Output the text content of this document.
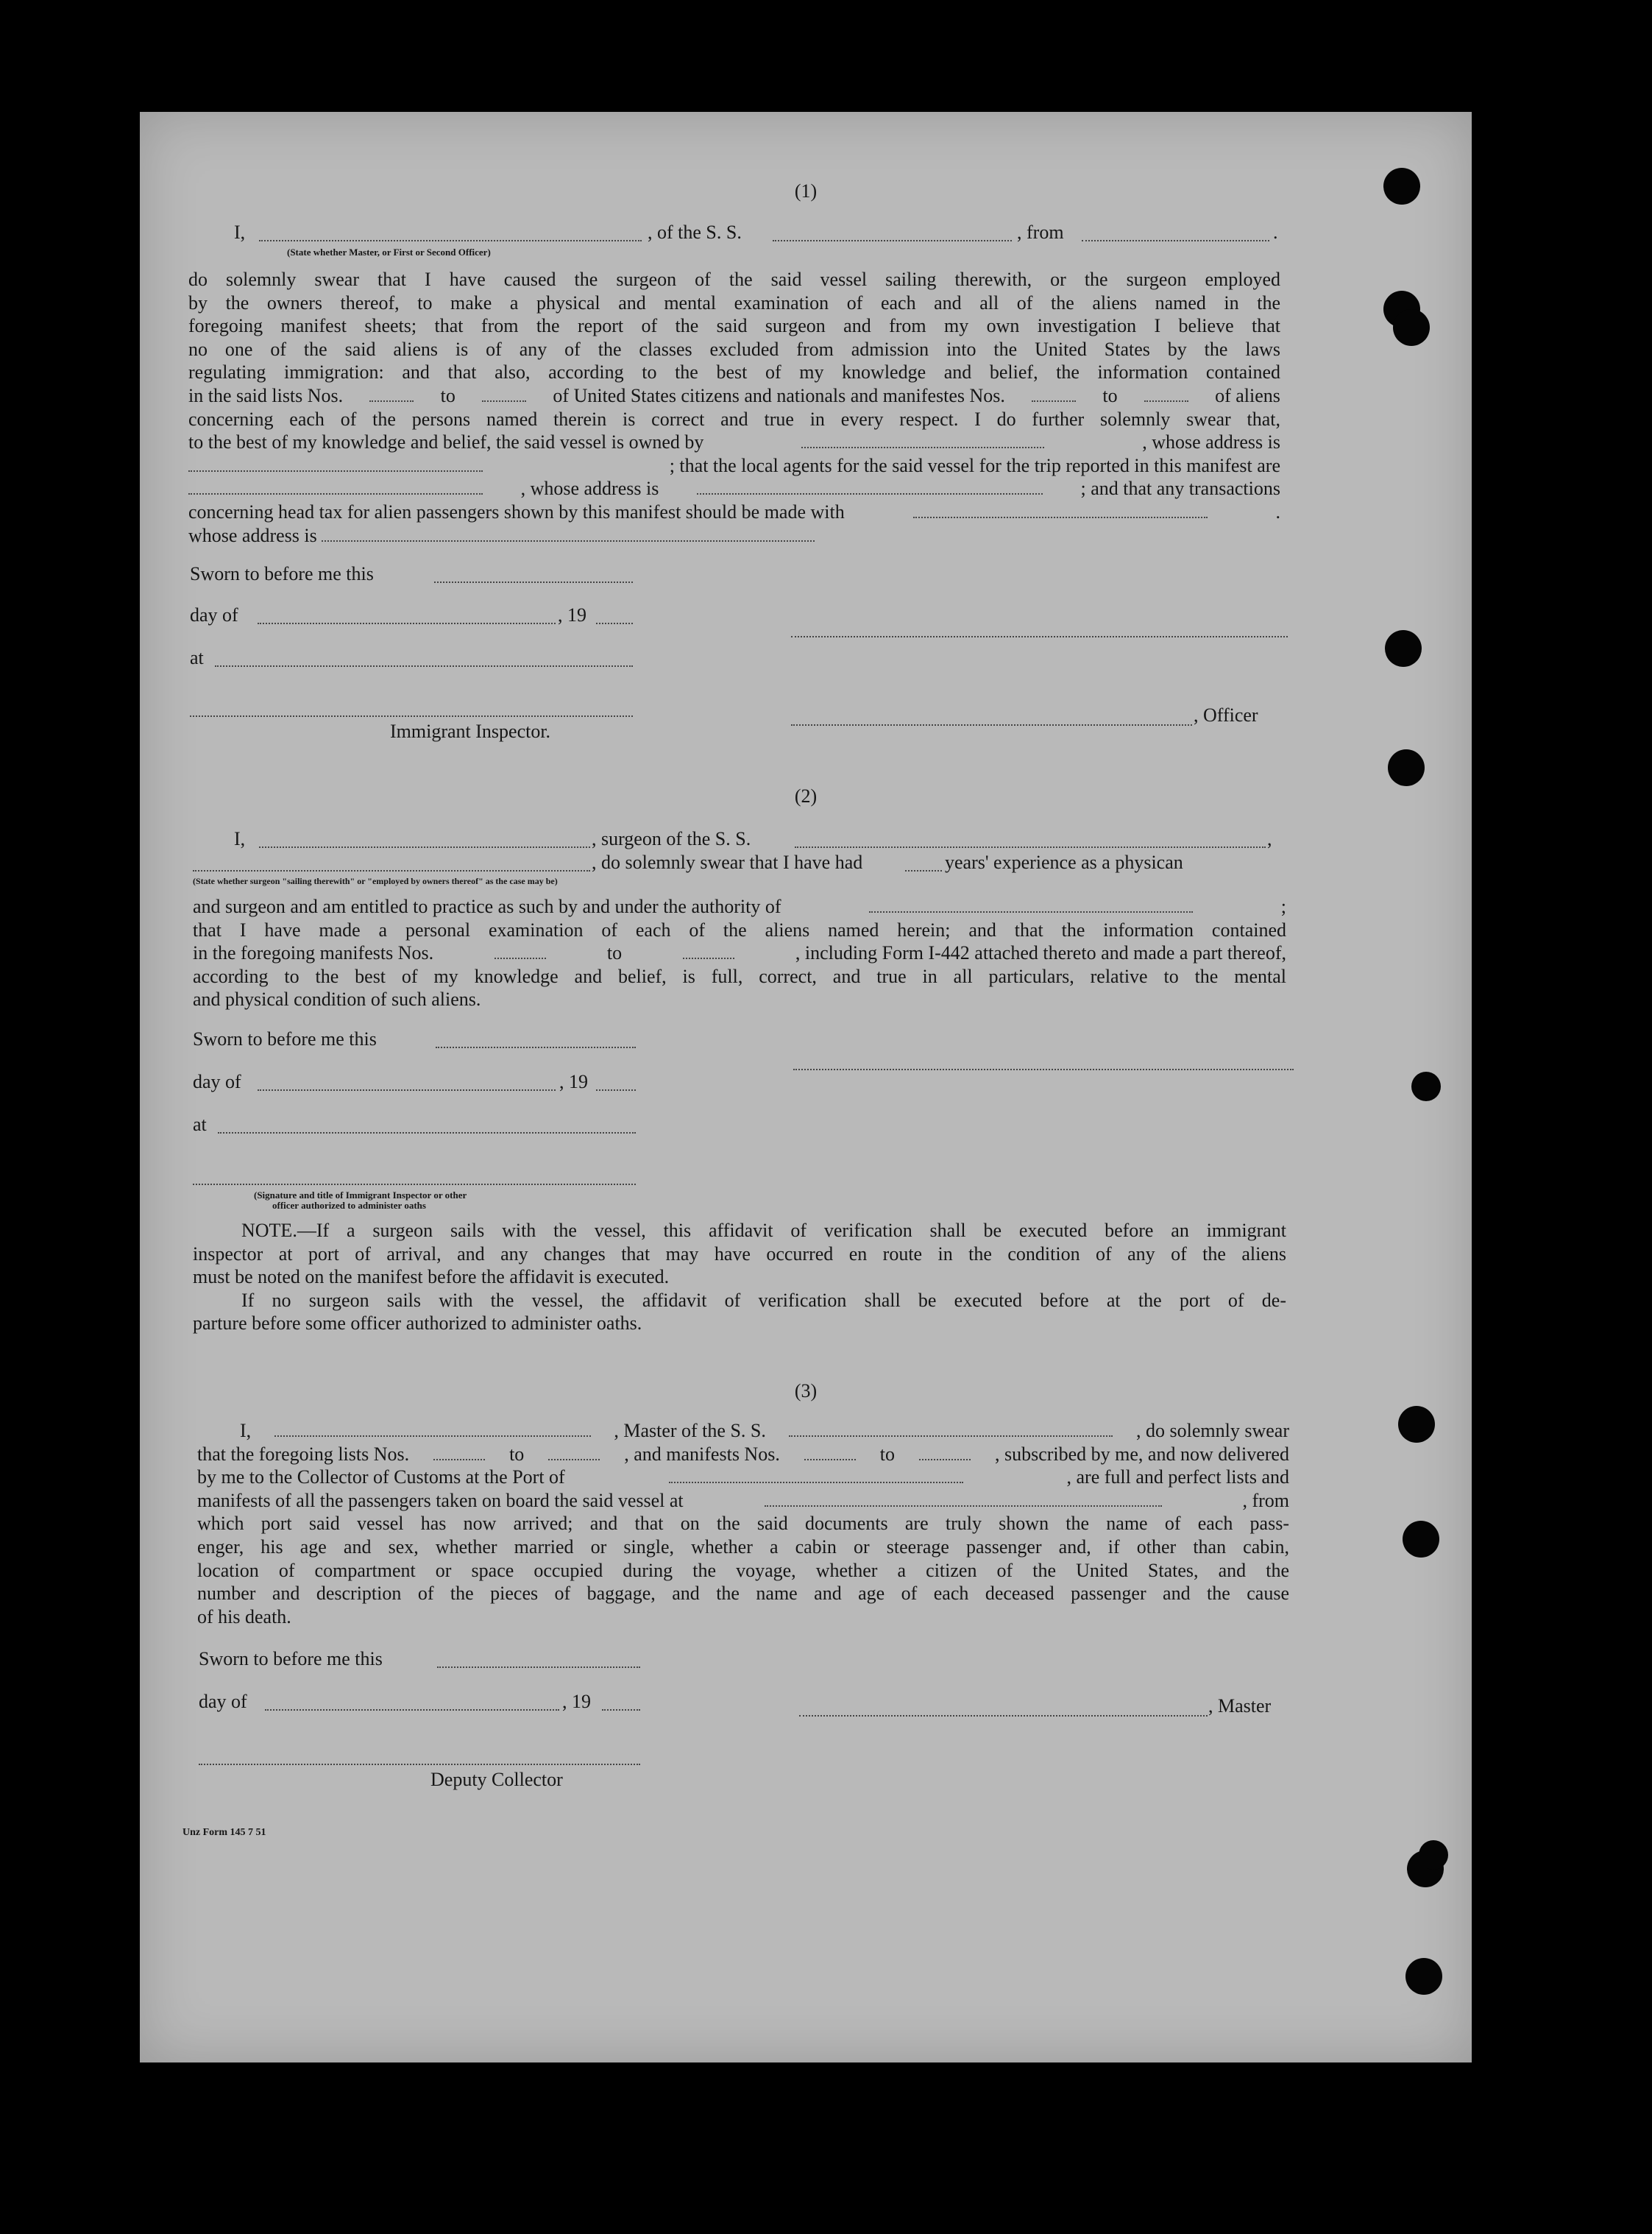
(1)
I,	, of the S. S.	, from	.
(State whether Master, or First or Second Officer)
do solemnly swear that I have caused the surgeon of the said vessel sailing therewith, or the surgeon employed
by the owners thereof, to make a physical and mental examination of each and all of the aliens named in the
foregoing manifest sheets; that from the report of the said surgeon and from my own investigation I believe that
no one of the said aliens is of any of the classes excluded from admission into the United States by the laws
regulating immigration: and that also, according to the best of my knowledge and belief, the information contained
in the said lists Nos.	to	of United States citizens and nationals and manifestes Nos.	to	of aliens
concerning each of the persons named therein is correct and true in every respect. I do further solemnly swear that,
to the best of my knowledge and belief, the said vessel is owned by	, whose address is
; that the local agents for the said vessel for the trip reported in this manifest are
, whose address is	; and that any transactions
concerning head tax for alien passengers shown by this manifest should be made with	.
whose address is
Sworn to before me this
day of	, 19
at
, Officer
Immigrant Inspector.
(2)
I,	, surgeon of the S. S.	,
, do solemnly swear that I have had	years' experience as a physican
(State whether surgeon "sailing therewith" or "employed by owners thereof" as the case may be)
and surgeon and am entitled to practice as such by and under the authority of	;
that I have made a personal examination of each of the aliens named herein; and that the information contained
in the foregoing manifests Nos.	to	, including Form I-442 attached thereto and made a part thereof,
according to the best of my knowledge and belief, is full, correct, and true in all particulars, relative to the mental
and physical condition of such aliens.
Sworn to before me this
day of	, 19
at
(Signature and title of Immigrant Inspector or other
officer authorized to administer oaths
NOTE.—If a surgeon sails with the vessel, this affidavit of verification shall be executed before an immigrant
inspector at port of arrival, and any changes that may have occurred en route in the condition of any of the aliens
must be noted on the manifest before the affidavit is executed.
If no surgeon sails with the vessel, the affidavit of verification shall be executed before at the port of de-
parture before some officer authorized to administer oaths.
(3)
I,	, Master of the S. S.	, do solemnly swear
that the foregoing lists Nos.	to	, and manifests Nos.	to	, subscribed by me, and now delivered
by me to the Collector of Customs at the Port of	, are full and perfect lists and
manifests of all the passengers taken on board the said vessel at	, from
which port said vessel has now arrived; and that on the said documents are truly shown the name of each pass-
enger, his age and sex, whether married or single, whether a cabin or steerage passenger and, if other than cabin,
location of compartment or space occupied during the voyage, whether a citizen of the United States, and the
number and description of the pieces of baggage, and the name and age of each deceased passenger and the cause
of his death.
Sworn to before me this
day of	, 19	, Master
Deputy Collector
Unz Form 145 7 51
